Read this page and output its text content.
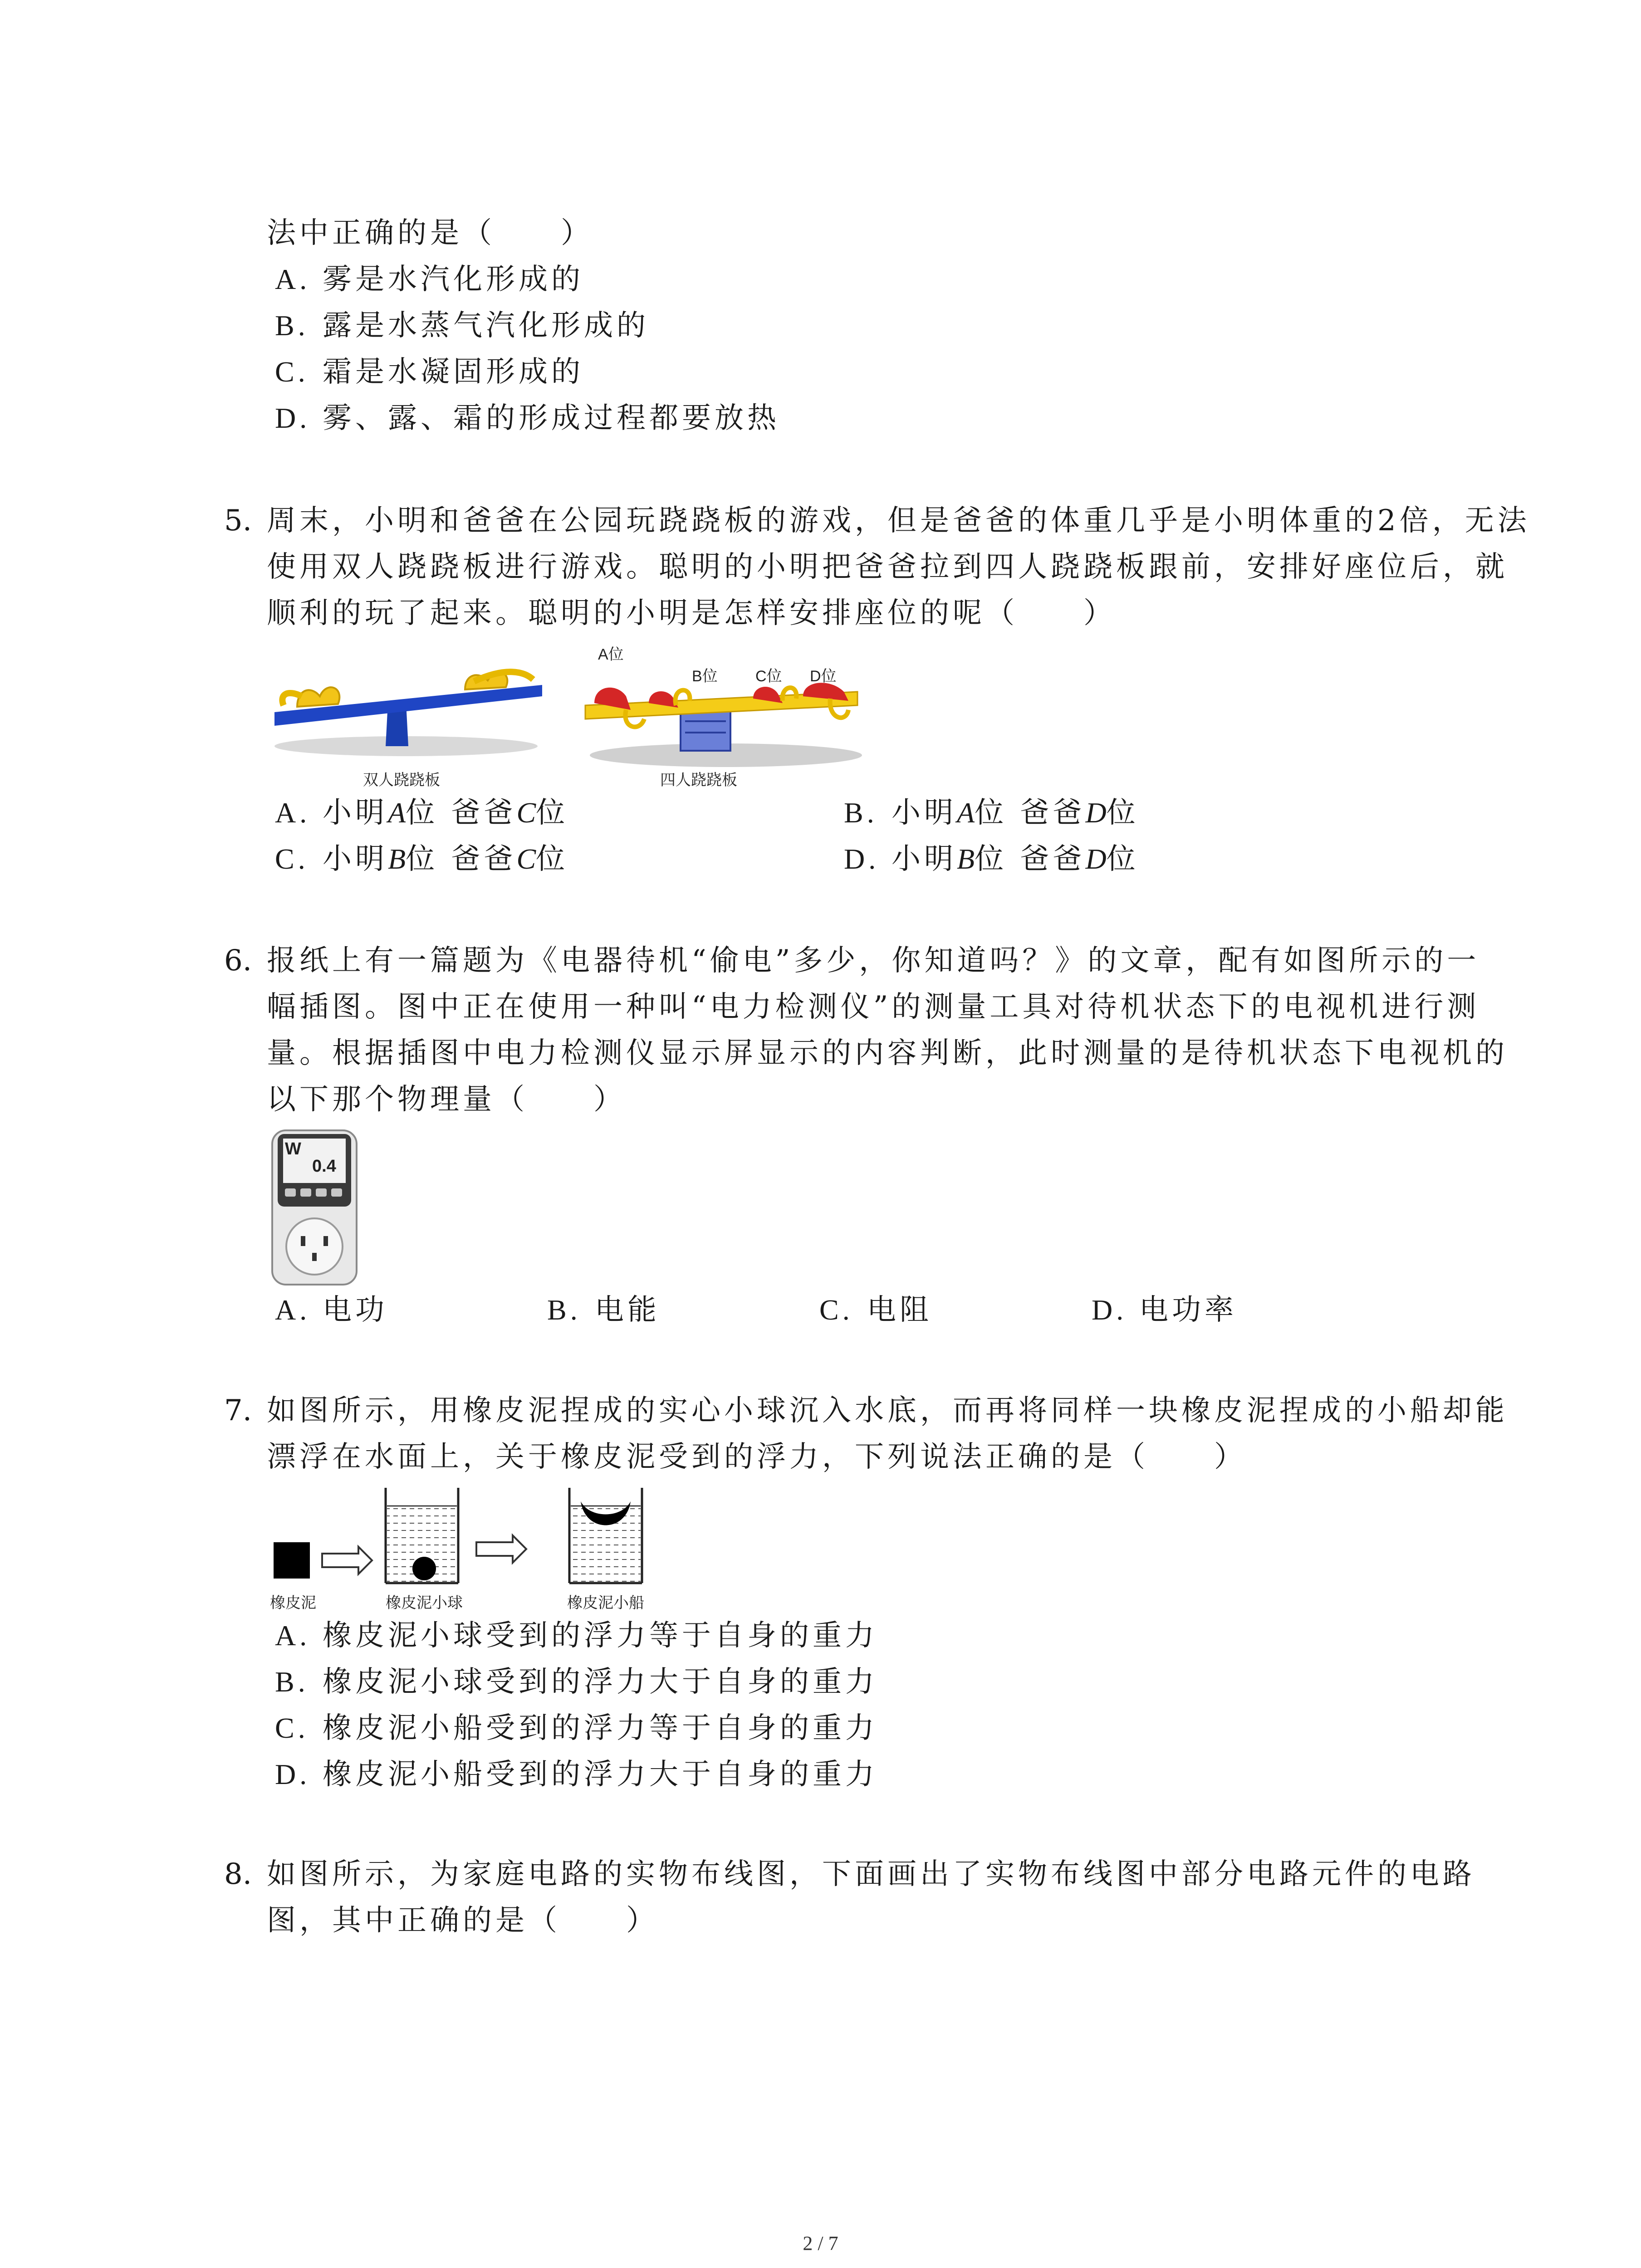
法中正确的是（　　）
A. 雾是水汽化形成的
B. 露是水蒸气汽化形成的
C. 霜是水凝固形成的
D. 雾、露、霜的形成过程都要放热
5. 周末，小明和爸爸在公园玩跷跷板的游戏，但是爸爸的体重几乎是小明体重的2倍，无法
使用双人跷跷板进行游戏。聪明的小明把爸爸拉到四人跷跷板跟前，安排好座位后，就
顺利的玩了起来。聪明的小明是怎样安排座位的呢（　　）
双人跷跷板
A位
B位 C位 D位
四人跷跷板
A. 小明A位 爸爸C位	B. 小明A位 爸爸D位
C. 小明B位 爸爸C位	D. 小明B位 爸爸D位
6. 报纸上有一篇题为《电器待机“偷电”多少，你知道吗？》的文章，配有如图所示的一
幅插图。图中正在使用一种叫“电力检测仪”的测量工具对待机状态下的电视机进行测
量。根据插图中电力检测仪显示屏显示的内容判断，此时测量的是待机状态下电视机的
以下那个物理量（　　）
W
0.4
A. 电功	B. 电能	C. 电阻	D. 电功率
7. 如图所示，用橡皮泥捏成的实心小球沉入水底，而再将同样一块橡皮泥捏成的小船却能
漂浮在水面上，关于橡皮泥受到的浮力，下列说法正确的是（　　）
橡皮泥	橡皮泥小球	橡皮泥小船
A. 橡皮泥小球受到的浮力等于自身的重力
B. 橡皮泥小球受到的浮力大于自身的重力
C. 橡皮泥小船受到的浮力等于自身的重力
D. 橡皮泥小船受到的浮力大于自身的重力
8. 如图所示，为家庭电路的实物布线图，下面画出了实物布线图中部分电路元件的电路
图，其中正确的是（　　）
2 / 7
